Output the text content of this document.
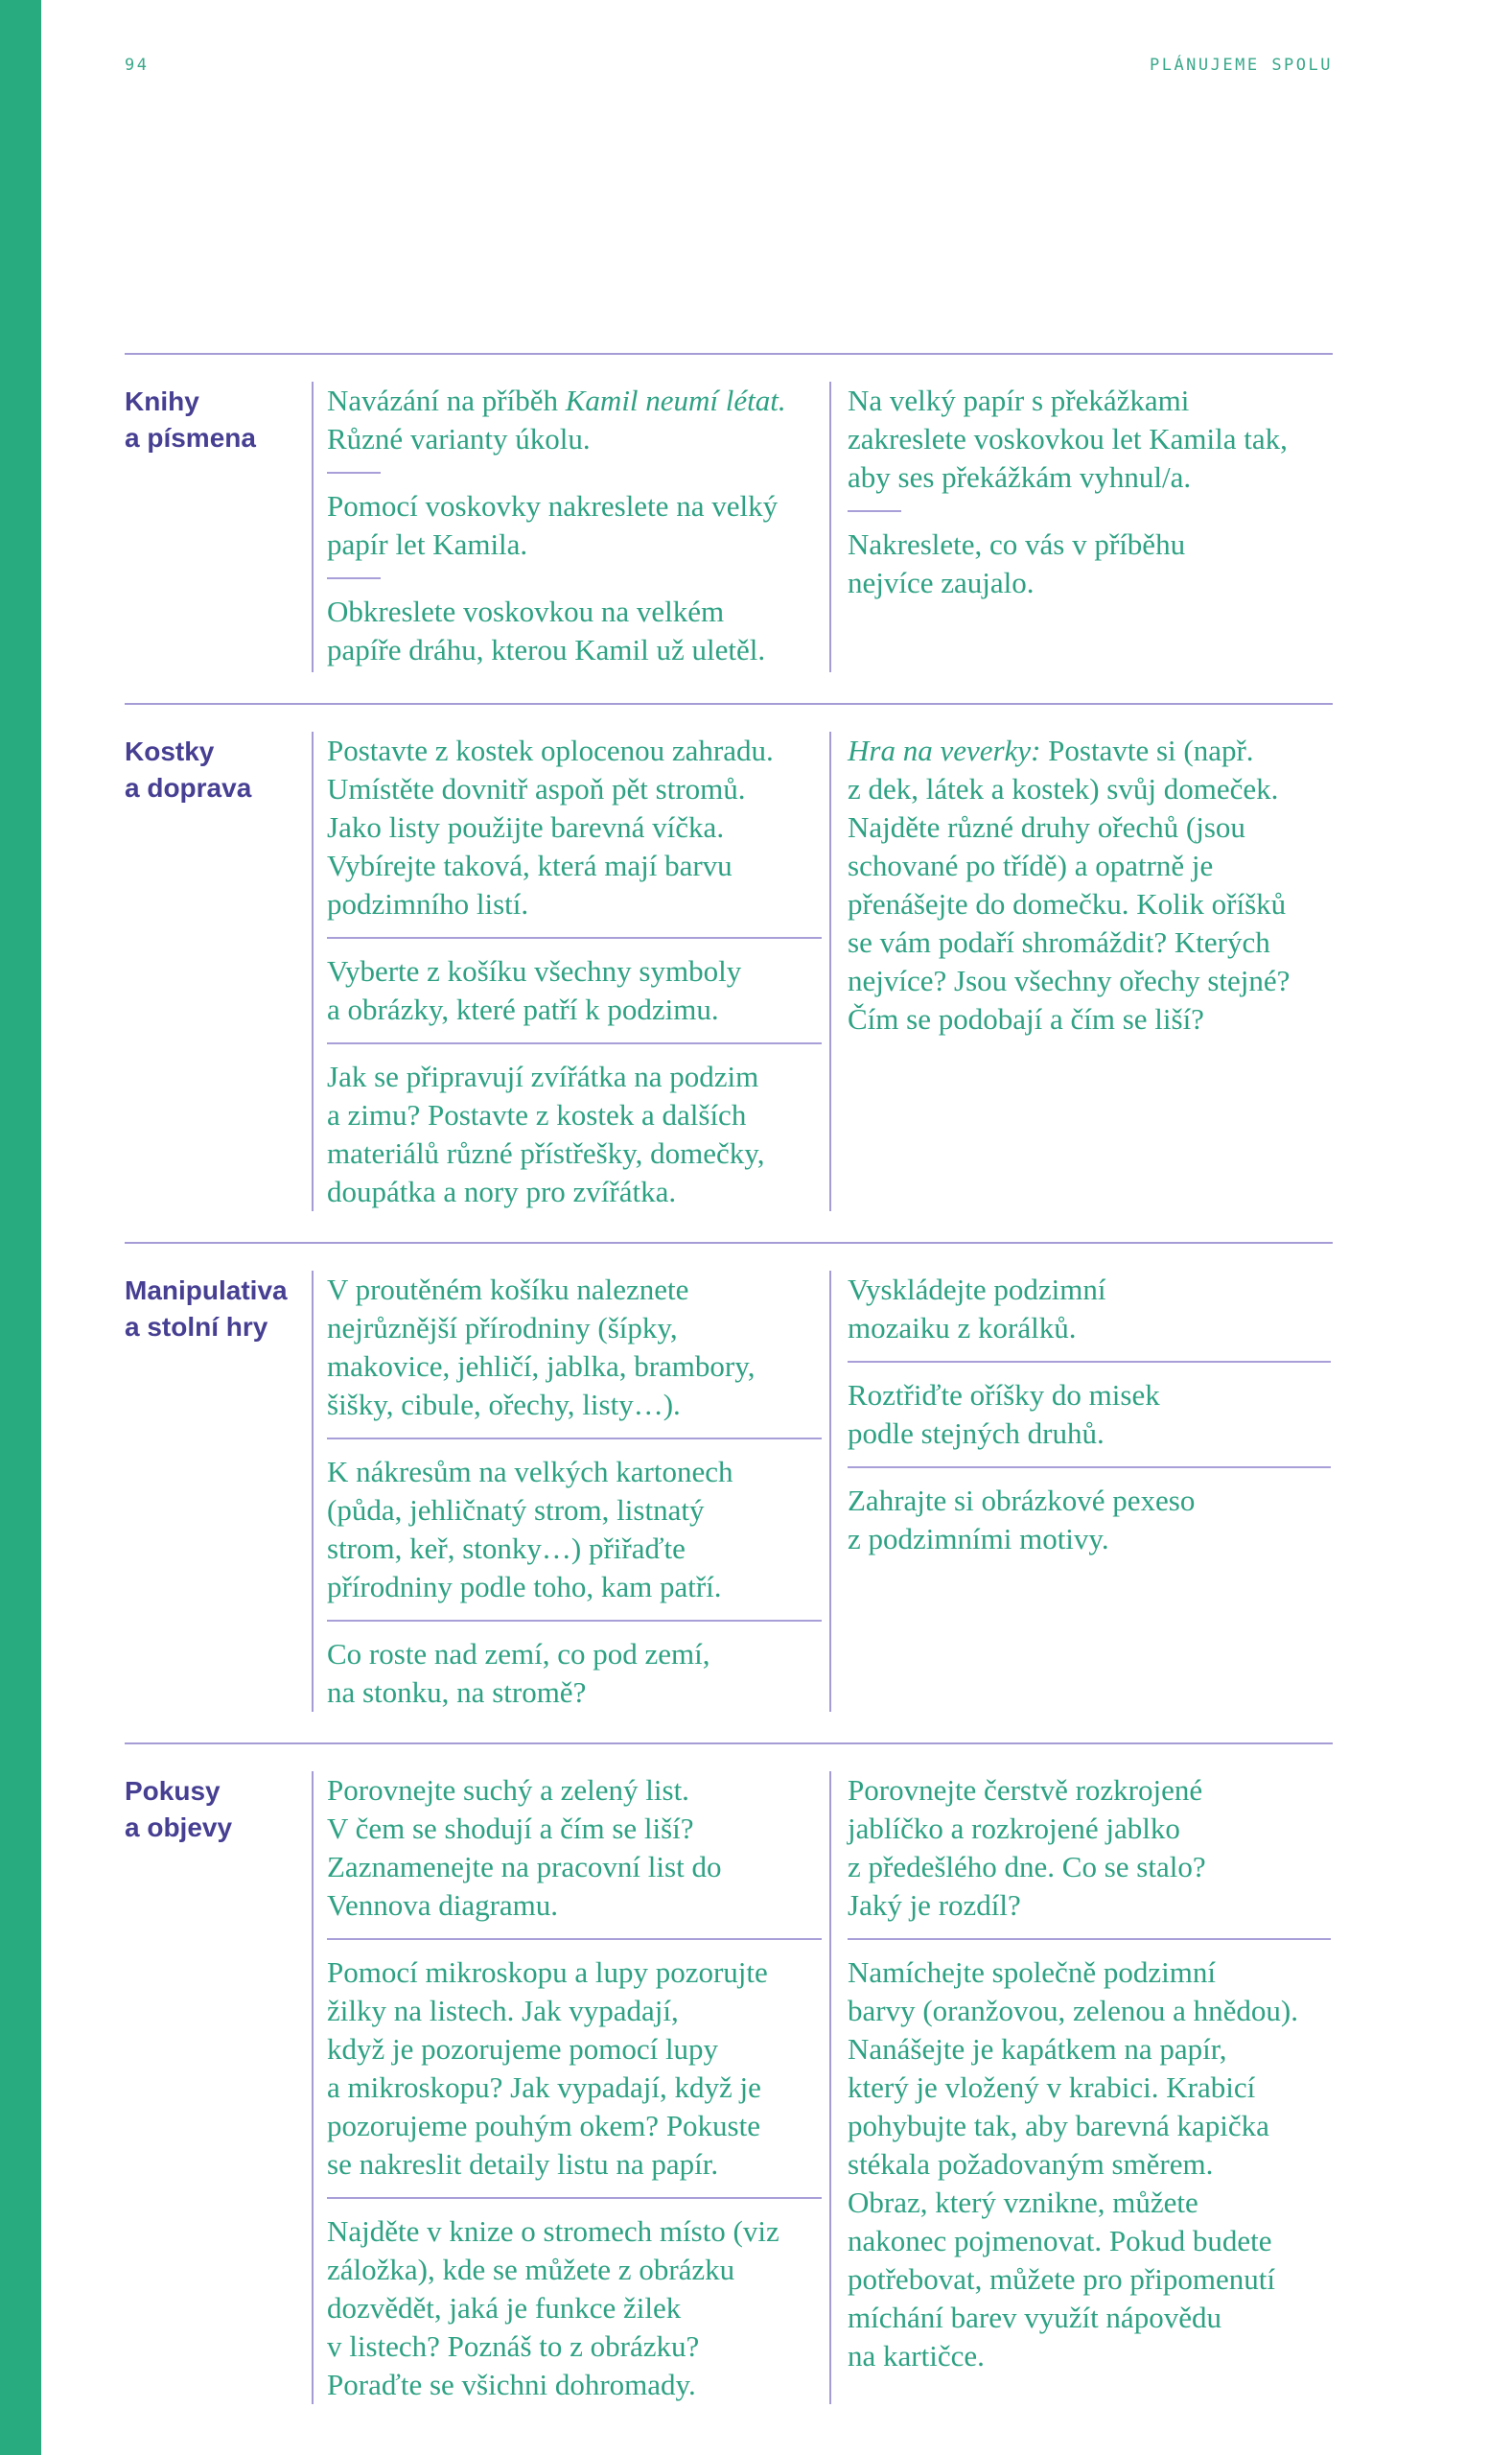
94	PLÁNUJEME SPOLU
Knihy
a písmena

Navázání na příběh Kamil neumí létat.
Různé varianty úkolu.

Pomocí voskovky nakreslete na velký
papír let Kamila.

Obkreslete voskovkou na velkém
papíře dráhu, kterou Kamil už uletěl.

Na velký papír s překážkami
zakreslete voskovkou let Kamila tak,
aby ses překážkám vyhnul/a.

Nakreslete, co vás v příběhu
nejvíce zaujalo.

Kostky
a doprava

Postavte z kostek oplocenou zahradu.
Umístěte dovnitř aspoň pět stromů.
Jako listy použijte barevná víčka.
Vybírejte taková, která mají barvu
podzimního listí.

Vyberte z košíku všechny symboly
a obrázky, které patří k podzimu.

Jak se připravují zvířátka na podzim
a zimu? Postavte z kostek a dalších
materiálů různé přístřešky, domečky,
doupátka a nory pro zvířátka.

Hra na veverky: Postavte si (např.
z dek, látek a kostek) svůj domeček.
Najděte různé druhy ořechů (jsou
schované po třídě) a opatrně je
přenášejte do domečku. Kolik oříšků
se vám podaří shromáždit? Kterých
nejvíce? Jsou všechny ořechy stejné?
Čím se podobají a čím se liší?

Manipulativa
a stolní hry

V proutěném košíku naleznete
nejrůznější přírodniny (šípky,
makovice, jehličí, jablka, brambory,
šišky, cibule, ořechy, listy…).

K nákresům na velkých kartonech
(půda, jehličnatý strom, listnatý
strom, keř, stonky…) přiřaďte
přírodniny podle toho, kam patří.

Co roste nad zemí, co pod zemí,
na stonku, na stromě?

Vyskládejte podzimní
mozaiku z korálků.

Roztřiďte oříšky do misek
podle stejných druhů.

Zahrajte si obrázkové pexeso
z podzimními motivy.

Pokusy
a objevy

Porovnejte suchý a zelený list.
V čem se shodují a čím se liší?
Zaznamenejte na pracovní list do
Vennova diagramu.

Pomocí mikroskopu a lupy pozorujte
žilky na listech. Jak vypadají,
když je pozorujeme pomocí lupy
a mikroskopu? Jak vypadají, když je
pozorujeme pouhým okem? Pokuste
se nakreslit detaily listu na papír.

Najděte v knize o stromech místo (viz
záložka), kde se můžete z obrázku
dozvědět, jaká je funkce žilek
v listech? Poznáš to z obrázku?
Poraďte se všichni dohromady.

Porovnejte čerstvě rozkrojené
jablíčko a rozkrojené jablko
z předešlého dne. Co se stalo?
Jaký je rozdíl?

Namíchejte společně podzimní
barvy (oranžovou, zelenou a hnědou).
Nanášejte je kapátkem na papír,
který je vložený v krabici. Krabicí
pohybujte tak, aby barevná kapička
stékala požadovaným směrem.
Obraz, který vznikne, můžete
nakonec pojmenovat. Pokud budete
potřebovat, můžete pro připomenutí
míchání barev využít nápovědu
na kartičce.
